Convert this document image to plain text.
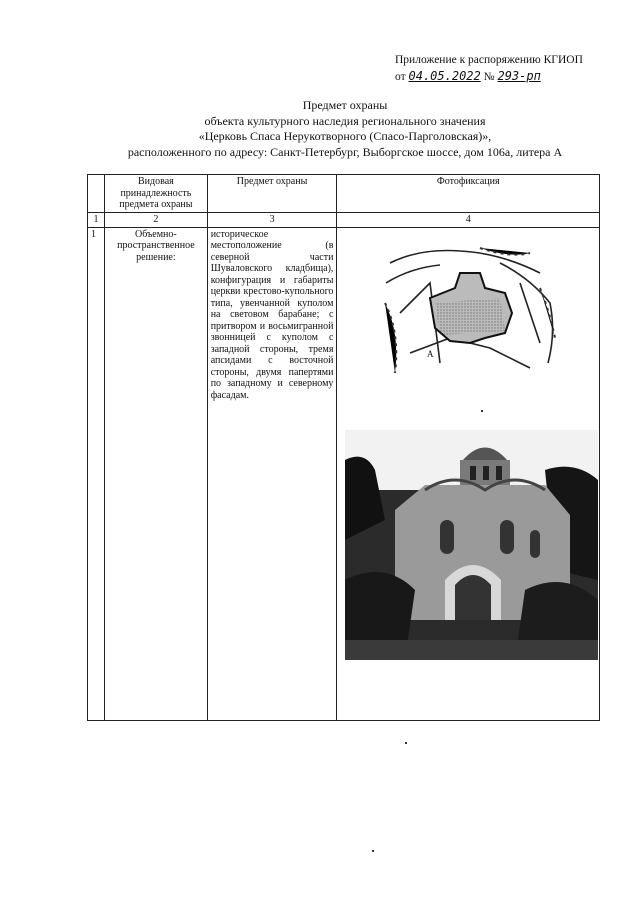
Приложение к распоряжению КГИОП
от 04.05.2022 № 293-рп
Предмет охраны
объекта культурного наследия регионального значения
«Церковь Спаса Нерукотворного (Спасо-Парголовская)»,
расположенного по адресу: Санкт-Петербург, Выборгское шоссе, дом 106а, литера А
	Видовая принадлежность предмета охраны	Предмет охраны	Фотофиксация
1	2	3	4
1	Объемно-пространственное решение:	историческое местоположение (в северной части Шуваловского кладбища), конфигурация и габариты церкви крестово-купольного типа, увенчанной куполом на световом барабане; с притвором и восьмигранной звонницей с куполом с западной стороны, тремя апсидами с восточной стороны, двумя папертями по западному и северному фасадам.	
А
